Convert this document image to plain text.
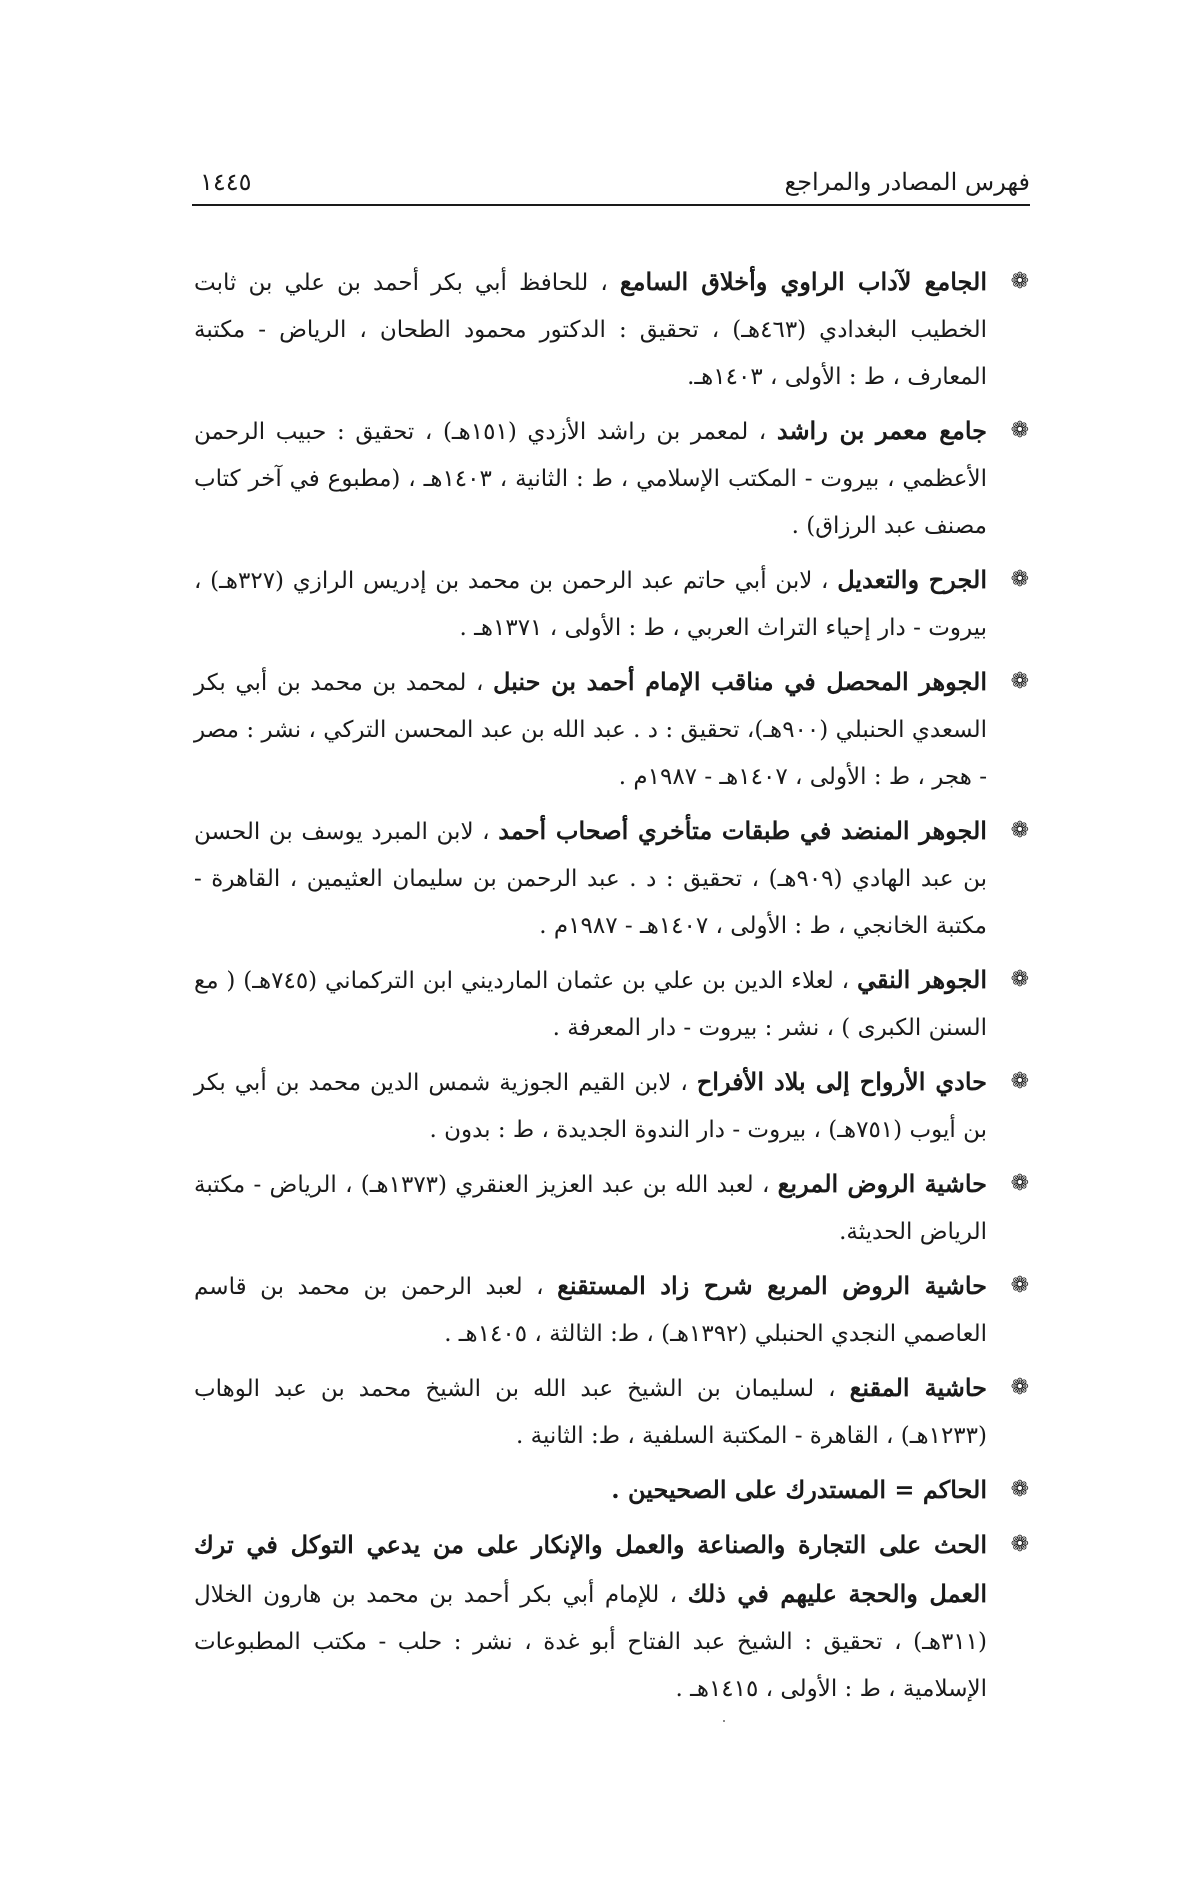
فهرس المصادر والمراجع
١٤٤٥
❁
الجامع لآداب الراوي وأخلاق السامع ، للحافظ أبي بكر أحمد بن علي بن ثابت الخطيب البغدادي (٤٦٣هـ) ، تحقيق : الدكتور محمود الطحان ، الرياض - مكتبة المعارف ، ط : الأولى ، ١٤٠٣هـ.
❁
جامع معمر بن راشد ، لمعمر بن راشد الأزدي (١٥١هـ) ، تحقيق : حبيب الرحمن الأعظمي ، بيروت - المكتب الإسلامي ، ط : الثانية ، ١٤٠٣هـ ، (مطبوع في آخر كتاب مصنف عبد الرزاق) .
❁
الجرح والتعديل ، لابن أبي حاتم عبد الرحمن بن محمد بن إدريس الرازي (٣٢٧هـ) ، بيروت - دار إحياء التراث العربي ، ط : الأولى ، ١٣٧١هـ .
❁
الجوهر المحصل في مناقب الإمام أحمد بن حنبل ، لمحمد بن محمد بن أبي بكر السعدي الحنبلي (٩٠٠هـ)، تحقيق : د . عبد الله بن عبد المحسن التركي ، نشر : مصر - هجر ، ط : الأولى ، ١٤٠٧هـ - ١٩٨٧م .
❁
الجوهر المنضد في طبقات متأخري أصحاب أحمد ، لابن المبرد يوسف بن الحسن بن عبد الهادي (٩٠٩هـ) ، تحقيق : د . عبد الرحمن بن سليمان العثيمين ، القاهرة - مكتبة الخانجي ، ط : الأولى ، ١٤٠٧هـ - ١٩٨٧م .
❁
الجوهر النقي ، لعلاء الدين بن علي بن عثمان المارديني ابن التركماني (٧٤٥هـ) ( مع السنن الكبرى ) ، نشر : بيروت - دار المعرفة .
❁
حادي الأرواح إلى بلاد الأفراح ، لابن القيم الجوزية شمس الدين محمد بن أبي بكر بن أيوب (٧٥١هـ) ، بيروت - دار الندوة الجديدة ، ط : بدون .
❁
حاشية الروض المربع ، لعبد الله بن عبد العزيز العنقري (١٣٧٣هـ) ، الرياض - مكتبة الرياض الحديثة.
❁
حاشية الروض المربع شرح زاد المستقنع ، لعبد الرحمن بن محمد بن قاسم العاصمي النجدي الحنبلي (١٣٩٢هـ) ، ط: الثالثة ، ١٤٠٥هـ .
❁
حاشية المقنع ، لسليمان بن الشيخ عبد الله بن الشيخ محمد بن عبد الوهاب (١٢٣٣هـ) ، القاهرة - المكتبة السلفية ، ط: الثانية .
❁
الحاكم = المستدرك على الصحيحين .
❁
الحث على التجارة والصناعة والعمل والإنكار على من يدعي التوكل في ترك العمل والحجة عليهم في ذلك ، للإمام أبي بكر أحمد بن محمد بن هارون الخلال (٣١١هـ) ، تحقيق : الشيخ عبد الفتاح أبو غدة ، نشر : حلب - مكتب المطبوعات الإسلامية ، ط : الأولى ، ١٤١٥هـ .
